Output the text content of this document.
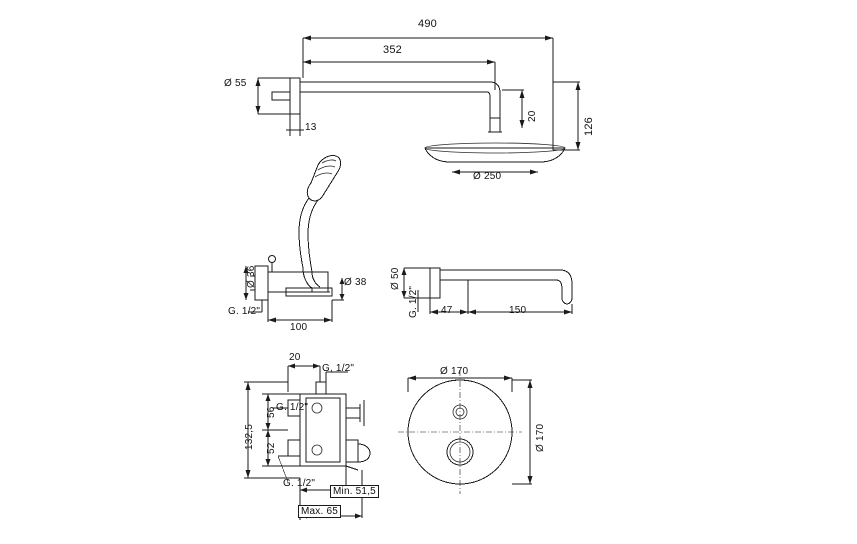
490
352
Ø 55
13
20
126
Ø 250
Ø 36	Ø 38
G. 1/2"
100
Ø 50
G. 1/2" 47	150
20
G, 1/2"
G. 1/2"
G. 1/2"
132,5
56
52
Min. 51,5
Max. 65
Ø 170
Ø 170
